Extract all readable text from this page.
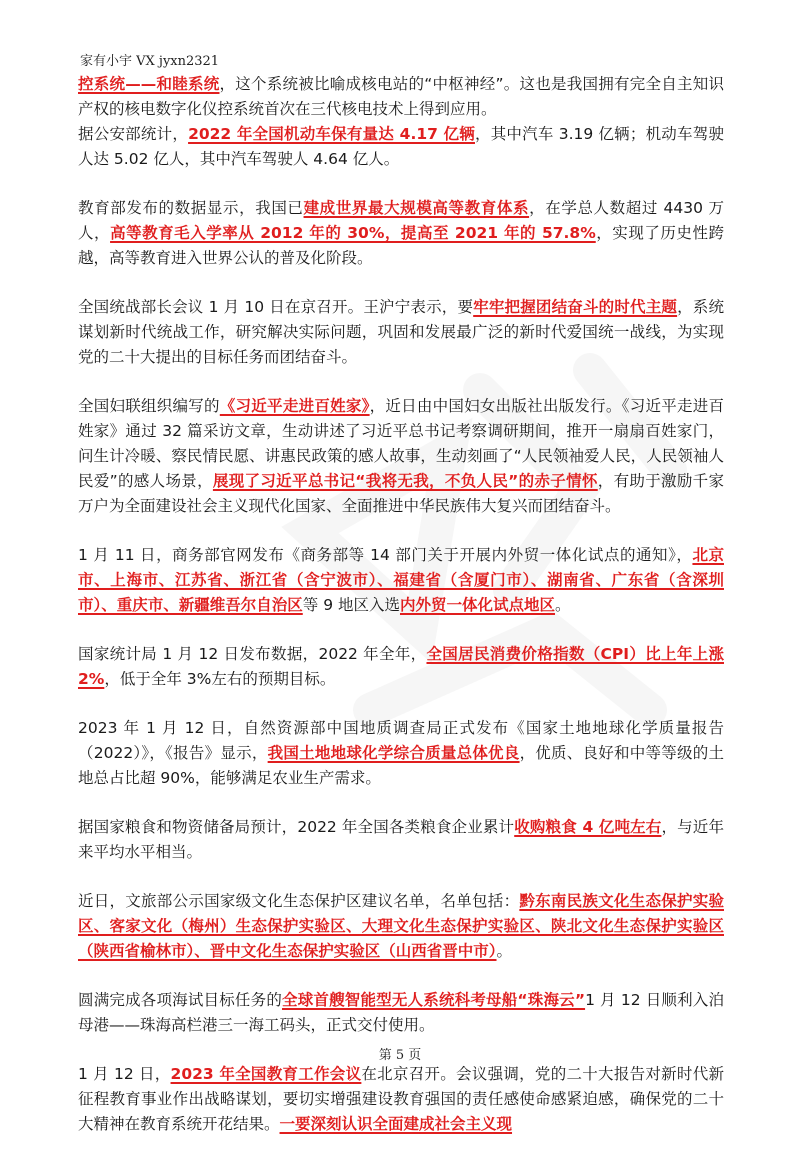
家有小宇 VX jyxn2321

控系统——和睦系统，这个系统被比喻成核电站的“中枢神经”。这也是我国拥有完全自主知识产权的核电数字化仪控系统首次在三代核电技术上得到应用。
据公安部统计，2022 年全国机动车保有量达 4.17 亿辆，其中汽车 3.19 亿辆；机动车驾驶人达 5.02 亿人，其中汽车驾驶人 4.64 亿人。

教育部发布的数据显示，我国已建成世界最大规模高等教育体系，在学总人数超过 4430 万人，高等教育毛入学率从 2012 年的 30%，提高至 2021 年的 57.8%，实现了历史性跨越，高等教育进入世界公认的普及化阶段。

全国统战部长会议 1 月 10 日在京召开。王沪宁表示，要牢牢把握团结奋斗的时代主题，系统谋划新时代统战工作，研究解决实际问题，巩固和发展最广泛的新时代爱国统一战线，为实现党的二十大提出的目标任务而团结奋斗。

全国妇联组织编写的《习近平走进百姓家》，近日由中国妇女出版社出版发行。《习近平走进百姓家》通过 32 篇采访文章，生动讲述了习近平总书记考察调研期间，推开一扇扇百姓家门，问生计冷暖、察民情民愿、讲惠民政策的感人故事，生动刻画了“人民领袖爱人民，人民领袖人民爱”的感人场景，展现了习近平总书记“我将无我，不负人民”的赤子情怀，有助于激励千家万户为全面建设社会主义现代化国家、全面推进中华民族伟大复兴而团结奋斗。

1 月 11 日，商务部官网发布《商务部等 14 部门关于开展内外贸一体化试点的通知》，北京市、上海市、江苏省、浙江省（含宁波市）、福建省（含厦门市）、湖南省、广东省（含深圳市）、重庆市、新疆维吾尔自治区等 9 地区入选内外贸一体化试点地区。

国家统计局 1 月 12 日发布数据，2022 年全年，全国居民消费价格指数（CPI）比上年上涨 2%，低于全年 3%左右的预期目标。

2023 年 1 月 12 日，自然资源部中国地质调查局正式发布《国家土地地球化学质量报告（2022）》，《报告》显示，我国土地地球化学综合质量总体优良，优质、良好和中等等级的土地总占比超 90%，能够满足农业生产需求。

据国家粮食和物资储备局预计，2022 年全国各类粮食企业累计收购粮食 4 亿吨左右，与近年来平均水平相当。

近日，文旅部公示国家级文化生态保护区建议名单，名单包括：黔东南民族文化生态保护实验区、客家文化（梅州）生态保护实验区、大理文化生态保护实验区、陕北文化生态保护实验区（陕西省榆林市）、晋中文化生态保护实验区（山西省晋中市）。

圆满完成各项海试目标任务的全球首艘智能型无人系统科考母船“珠海云”1 月 12 日顺利入泊母港——珠海高栏港三一海工码头，正式交付使用。

1 月 12 日，2023 年全国教育工作会议在北京召开。会议强调，党的二十大报告对新时代新征程教育事业作出战略谋划，要切实增强建设教育强国的责任感使命感紧迫感，确保党的二十大精神在教育系统开花结果。一要深刻认识全面建成社会主义现

第 5 页
